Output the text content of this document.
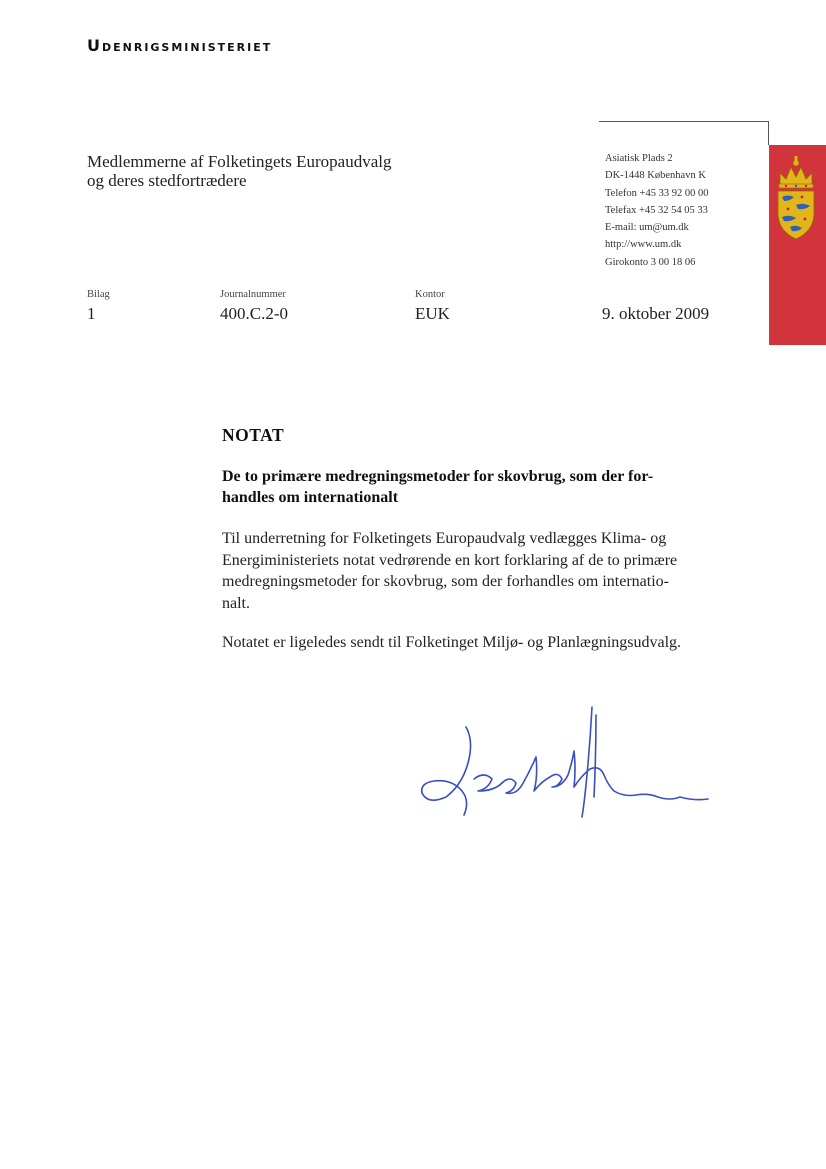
Udenrigsministeriet
Medlemmerne af Folketingets Europaudvalg
og deres stedfortrædere
Asiatisk Plads 2
DK-1448 København K
Telefon +45 33 92 00 00
Telefax +45 32 54 05 33
E-mail: um@um.dk
http://www.um.dk
Girokonto 3 00 18 06
Bilag
1
Journalnummer
400.C.2-0
Kontor
EUK	9. oktober 2009
NOTAT
De to primære medregningsmetoder for skovbrug, som der for-
handles om internationalt
Til underretning for Folketingets Europaudvalg vedlægges Klima- og
Energiministeriets notat vedrørende en kort forklaring af de to primære
medregningsmetoder for skovbrug, som der forhandles om internatio-
nalt.
Notatet er ligeledes sendt til Folketinget Miljø- og Planlægningsudvalg.
